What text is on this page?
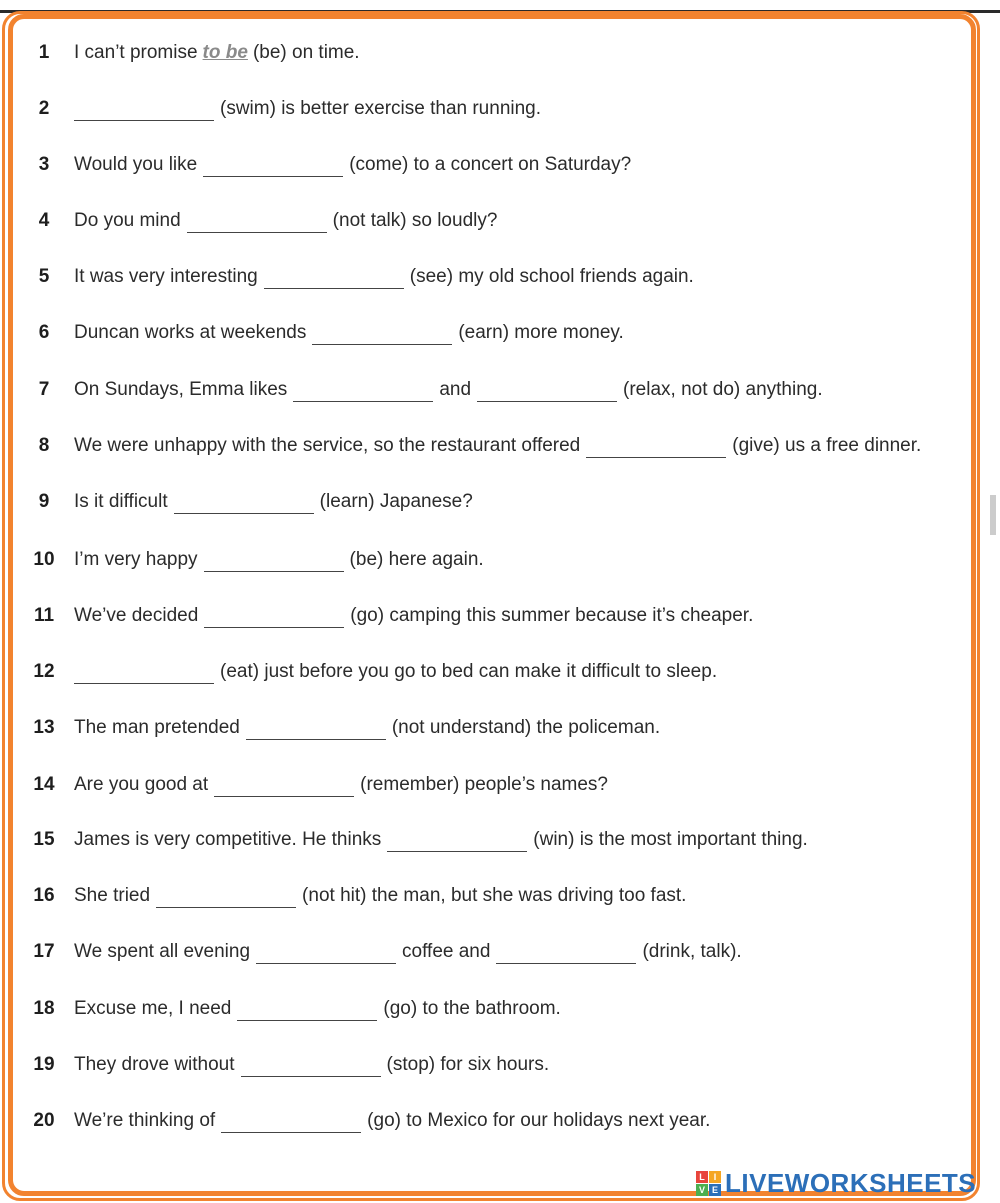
1	I can’t promise to be (be) on time.
2	(swim) is better exercise than running.
3	Would you like	(come) to a concert on Saturday?
4	Do you mind	(not talk) so loudly?
5	It was very interesting	(see) my old school friends again.
6	Duncan works at weekends	(earn) more money.
7	On Sundays, Emma likes	and	(relax, not do) anything.
8	We were unhappy with the service, so the restaurant offered	(give) us a free dinner.
9	Is it difficult	(learn) Japanese?
10 I’m very happy	(be) here again.
11	We’ve decided	(go) camping this summer because it’s cheaper.
12	(eat) just before you go to bed can make it difficult to sleep.
13 The man pretended	(not understand) the policeman.
14 Are you good at	(remember) people’s names?
15 James is very competitive. He thinks	(win) is the most important thing.
16 She tried	(not hit) the man, but she was driving too fast.
17 We spent all evening	coffee and	(drink, talk).
18 Excuse me, I need	(go) to the bathroom.
19 They drove without	(stop) for six hours.
20 We’re thinking of	(go) to Mexico for our holidays next year.
L I
V E LIVEWORKSHEETS
